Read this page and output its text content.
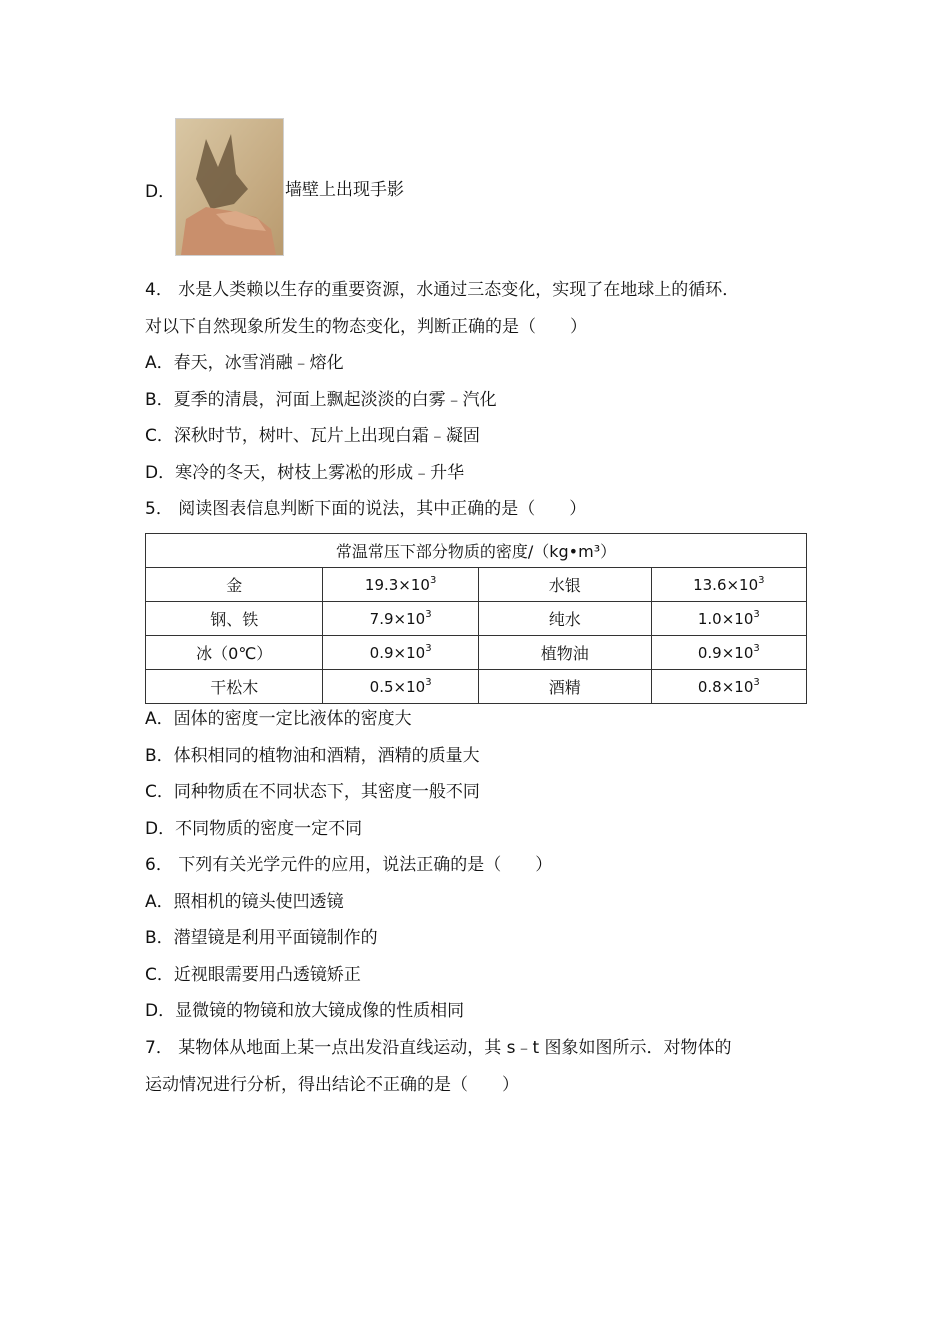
D．	墙壁上出现手影
4． 水是人类赖以生存的重要资源，水通过三态变化，实现了在地球上的循环．
对以下自然现象所发生的物态变化，判断正确的是（　　）
A．春天，冰雪消融﹣熔化
B．夏季的清晨，河面上飘起淡淡的白雾﹣汽化
C．深秋时节，树叶、瓦片上出现白霜﹣凝固
D．寒冷的冬天，树枝上雾凇的形成﹣升华
5． 阅读图表信息判断下面的说法，其中正确的是（　　）
常温常压下部分物质的密度/（kg•m³）			
金	$19.3\times 10^3$	水银	$13.6\times 10^3$
钢、铁	$7.9\times 10^3$	纯水	$1.0\times 10^3$
冰（0℃）	$0.9\times 10^3$	植物油	$0.9\times 10^3$
干松木	$0.5\times 10^3$	酒精	$0.8\times 10^3$
A．固体的密度一定比液体的密度大
B．体积相同的植物油和酒精，酒精的质量大
C．同种物质在不同状态下，其密度一般不同
D．不同物质的密度一定不同
6． 下列有关光学元件的应用，说法正确的是（　　）
A．照相机的镜头使凹透镜
B．潜望镜是利用平面镜制作的
C．近视眼需要用凸透镜矫正
D．显微镜的物镜和放大镜成像的性质相同
7． 某物体从地面上某一点出发沿直线运动，其 s﹣t 图象如图所示．对物体的
运动情况进行分析，得出结论不正确的是（　　）
